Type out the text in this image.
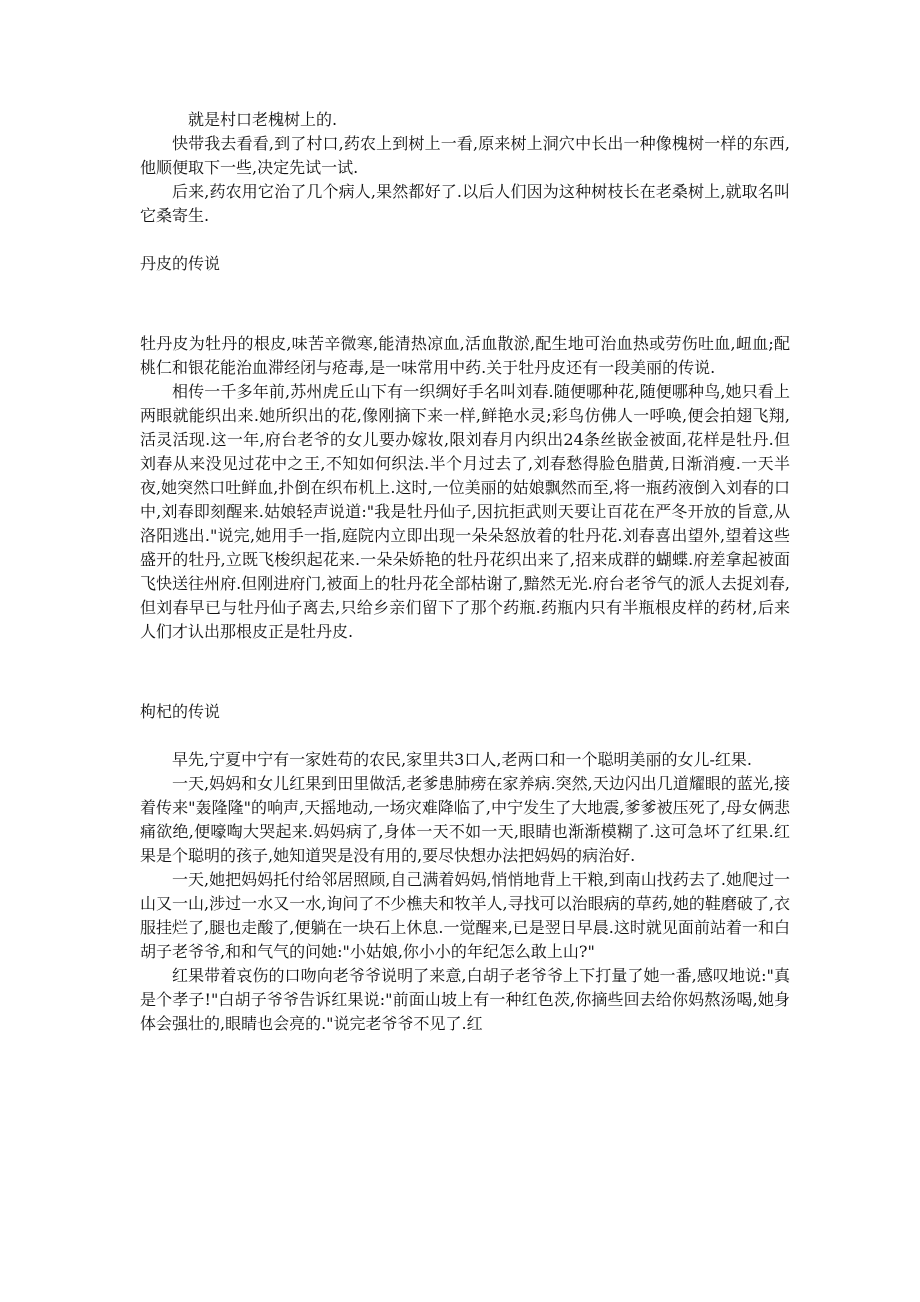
就是村口老槐树上的.

快带我去看看,到了村口,药农上到树上一看,原来树上洞穴中长出一种像槐树一样的东西,他顺便取下一些,决定先试一试.

后来,药农用它治了几个病人,果然都好了.以后人们因为这种树枝长在老桑树上,就取名叫它桑寄生.

丹皮的传说

牡丹皮为牡丹的根皮,味苦辛微寒,能清热凉血,活血散淤,配生地可治血热或劳伤吐血,衄血;配桃仁和银花能治血滞经闭与疮毒,是一味常用中药.关于牡丹皮还有一段美丽的传说.

相传一千多年前,苏州虎丘山下有一织绸好手名叫刘春.随便哪种花,随便哪种鸟,她只看上两眼就能织出来.她所织出的花,像刚摘下来一样,鲜艳水灵;彩鸟仿佛人一呼唤,便会拍翅飞翔,活灵活现.这一年,府台老爷的女儿要办嫁妆,限刘春月内织出24条丝嵌金被面,花样是牡丹.但刘春从来没见过花中之王,不知如何织法.半个月过去了,刘春愁得脸色腊黄,日渐消瘦.一天半夜,她突然口吐鲜血,扑倒在织布机上.这时,一位美丽的姑娘飘然而至,将一瓶药液倒入刘春的口中,刘春即刻醒来.姑娘轻声说道:"我是牡丹仙子,因抗拒武则天要让百花在严冬开放的旨意,从洛阳逃出."说完,她用手一指,庭院内立即出现一朵朵怒放着的牡丹花.刘春喜出望外,望着这些盛开的牡丹,立既飞梭织起花来.一朵朵娇艳的牡丹花织出来了,招来成群的蝴蝶.府差拿起被面飞快送往州府.但刚进府门,被面上的牡丹花全部枯谢了,黯然无光.府台老爷气的派人去捉刘春,但刘春早已与牡丹仙子离去,只给乡亲们留下了那个药瓶.药瓶内只有半瓶根皮样的药材,后来人们才认出那根皮正是牡丹皮.

枸杞的传说

早先,宁夏中宁有一家姓苟的农民,家里共3口人,老两口和一个聪明美丽的女儿-红果.

一天,妈妈和女儿红果到田里做活,老爹患肺痨在家养病.突然,天边闪出几道耀眼的蓝光,接着传来"轰隆隆"的响声,天摇地动,一场灾难降临了,中宁发生了大地震,爹爹被压死了,母女俩悲痛欲绝,便嚎啕大哭起来.妈妈病了,身体一天不如一天,眼睛也渐渐模糊了.这可急坏了红果.红果是个聪明的孩子,她知道哭是没有用的,要尽快想办法把妈妈的病治好.

一天,她把妈妈托付给邻居照顾,自己满着妈妈,悄悄地背上干粮,到南山找药去了.她爬过一山又一山,涉过一水又一水,询问了不少樵夫和牧羊人,寻找可以治眼病的草药,她的鞋磨破了,衣服挂烂了,腿也走酸了,便躺在一块石上休息.一觉醒来,已是翌日早晨.这时就见面前站着一和白胡子老爷爷,和和气气的问她:"小姑娘,你小小的年纪怎么敢上山?"

红果带着哀伤的口吻向老爷爷说明了来意,白胡子老爷爷上下打量了她一番,感叹地说:"真是个孝子!"白胡子爷爷告诉红果说:"前面山坡上有一种红色茨,你摘些回去给你妈熬汤喝,她身体会强壮的,眼睛也会亮的."说完老爷爷不见了.红
